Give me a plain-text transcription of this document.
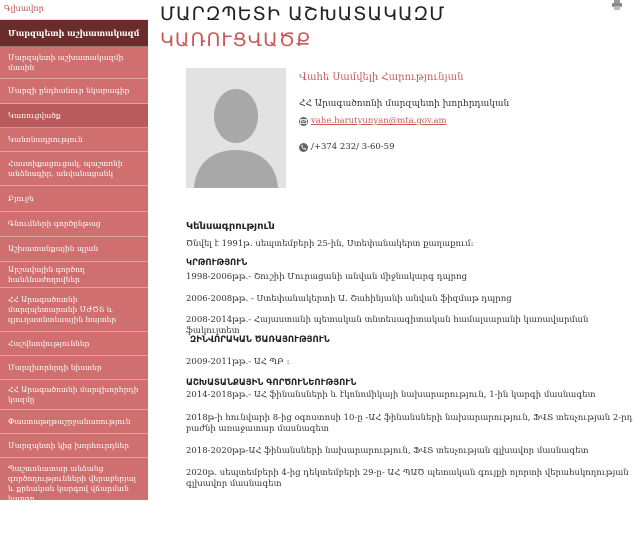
Գլխավոր
Մարզպետի աշխատակազմ
Մարզպետի աշխատակազմի մասին
Մարզի ընդհանուր նկարագիր
Կառուցվածք
Կանոնադրություն
Հաստիքացուցակ, պաշտոնի անձնագիր, անվանացանկ
Բյուջե
Գնումների գործընթաց
Աշխատանքային պլան
Արշավային գործող հանձնաժողովներ
ՀՀ Արագածոտնի մարզպետարանի ՄԺԾՏ և գյուղատնտեսային հայտեր
Հաշվետվություններ
Մարզխորհրդի նիստեր
ՀՀ Արագածոտնի մարզխորհրդի կազմը
Փաստաթղթաշրջանառություն
Մարզպետի կից խորհուրդներ
Պաշտոնատար անձանց գործողությունների վերաբերյալ և քրեական կարգով վճարման կարգը
Կազմավորման և զարգացման գործընթաց
ՄԱՐԶՊԵՏԻ ԱՇԽԱՏԱԿԱԶՄ
ԿԱՌՈՒՑՎԱԾՔ
Վահե Սամվելի Հարությունյան
ՀՀ Արագածոտնի մարզպետի խորհրդական
vahe.harutyunyan@mta.gov.am
/+374 232/ 3-60-59
Կենսագրություն
Ծնվել է 1991թ. սեպտեմբերի 25-ին, Ստեփանակերտ քաղաքում:
ԿՐԹՈՒԹՅՈՒՆ
1998-2006թթ.- Շուշիի Մուրացանի անվան միջնակարգ դպրոց
2006-2008թթ. - Ստեփանակերտի Ա. Շահինյանի անվան ֆիզմաթ դպրոց
2008-2014թթ.- Հայաստանի պետական տնտեսագիտական համալսարանի կառավարման ֆակուլտետ
ԶԻՆՎՈՐԱԿԱՆ ԾԱՌԱՅՈՒԹՅՈՒՆ
2009-2011թթ.- ԱՀ ՊԲ ։
ԱՇԽԱՏԱՆՔԱՅԻՆ ԳՈՐԾՈՒՆԵՈՒԹՅՈՒՆ
2014-2018թթ.- ԱՀ ֆինանսների և էկոնոմիկայի նախարարություն, 1-ին կարգի մասնագետ
2018թ-ի հունվարի 8-ից օգոստոսի 10-ը -ԱՀ ֆինանսների նախարարություն, ՖՎՏ տեսչության 2-րդ բաժնի առաջատար մասնագետ
2018-2020թթ-ԱՀ ֆինանսների նախարարություն, ՖՎՏ տեսչության գլխավոր մասնագետ
2020թ. սեպտեմբերի 4-ից դեկտեմբերի 29-ը- ԱՀ ՊԱԾ պետական գույքի ոլորտի վերահսկողության գլխավոր մասնագետ
